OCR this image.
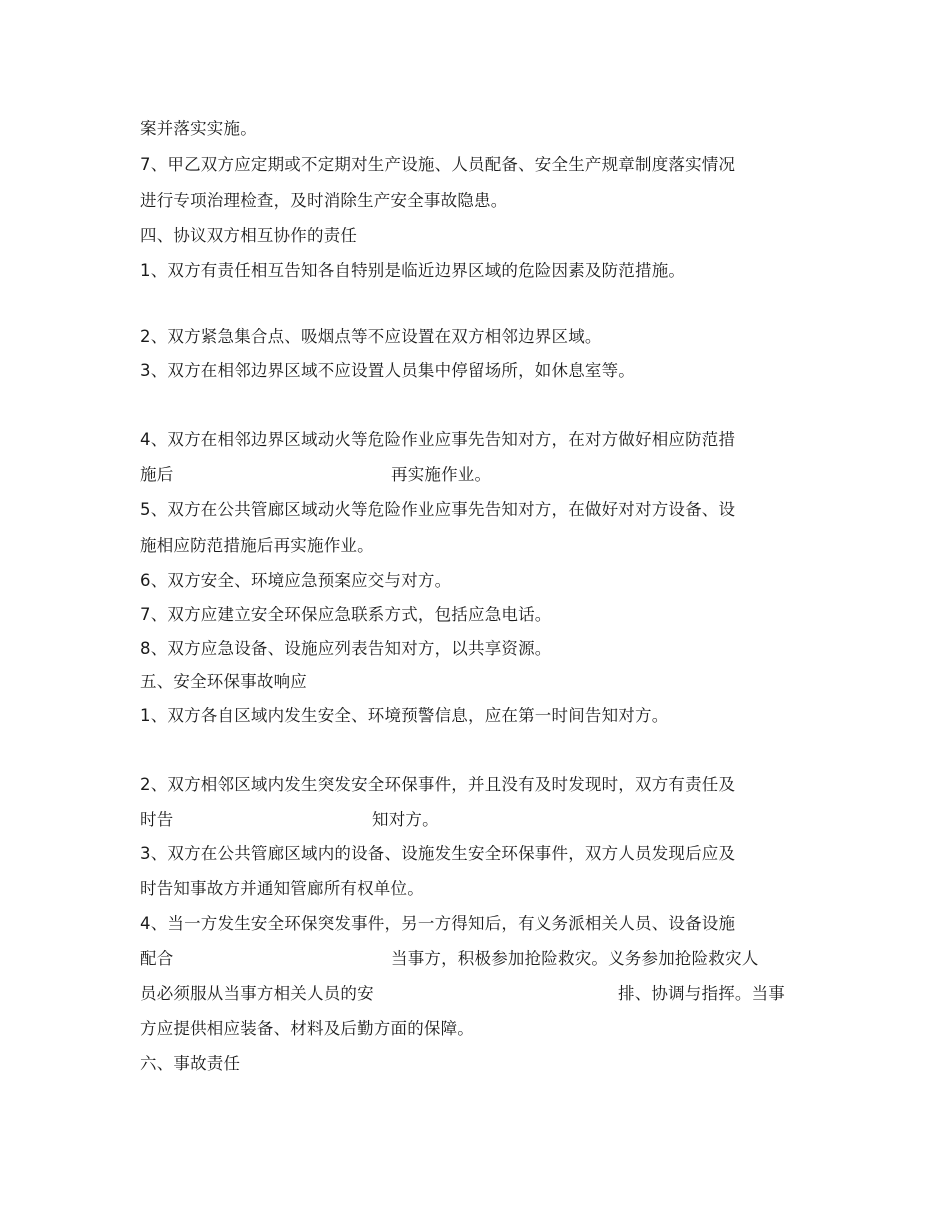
案并落实实施。
7、甲乙双方应定期或不定期对生产设施、人员配备、安全生产规章制度落实情况
进行专项治理检查，及时消除生产安全事故隐患。
四、协议双方相互协作的责任
1、双方有责任相互告知各自特别是临近边界区域的危险因素及防范措施。
2、双方紧急集合点、吸烟点等不应设置在双方相邻边界区域。
3、双方在相邻边界区域不应设置人员集中停留场所，如休息室等。
4、双方在相邻边界区域动火等危险作业应事先告知对方，在对方做好相应防范措
施后	再实施作业。
5、双方在公共管廊区域动火等危险作业应事先告知对方，在做好对对方设备、设
施相应防范措施后再实施作业。
6、双方安全、环境应急预案应交与对方。
7、双方应建立安全环保应急联系方式，包括应急电话。
8、双方应急设备、设施应列表告知对方，以共享资源。
五、安全环保事故响应
1、双方各自区域内发生安全、环境预警信息，应在第一时间告知对方。
2、双方相邻区域内发生突发安全环保事件，并且没有及时发现时，双方有责任及
时告	知对方。
3、双方在公共管廊区域内的设备、设施发生安全环保事件，双方人员发现后应及
时告知事故方并通知管廊所有权单位。
4、当一方发生安全环保突发事件，另一方得知后，有义务派相关人员、设备设施
配合	当事方，积极参加抢险救灾。义务参加抢险救灾人
员必须服从当事方相关人员的安	排、协调与指挥。当事
方应提供相应装备、材料及后勤方面的保障。
六、事故责任
